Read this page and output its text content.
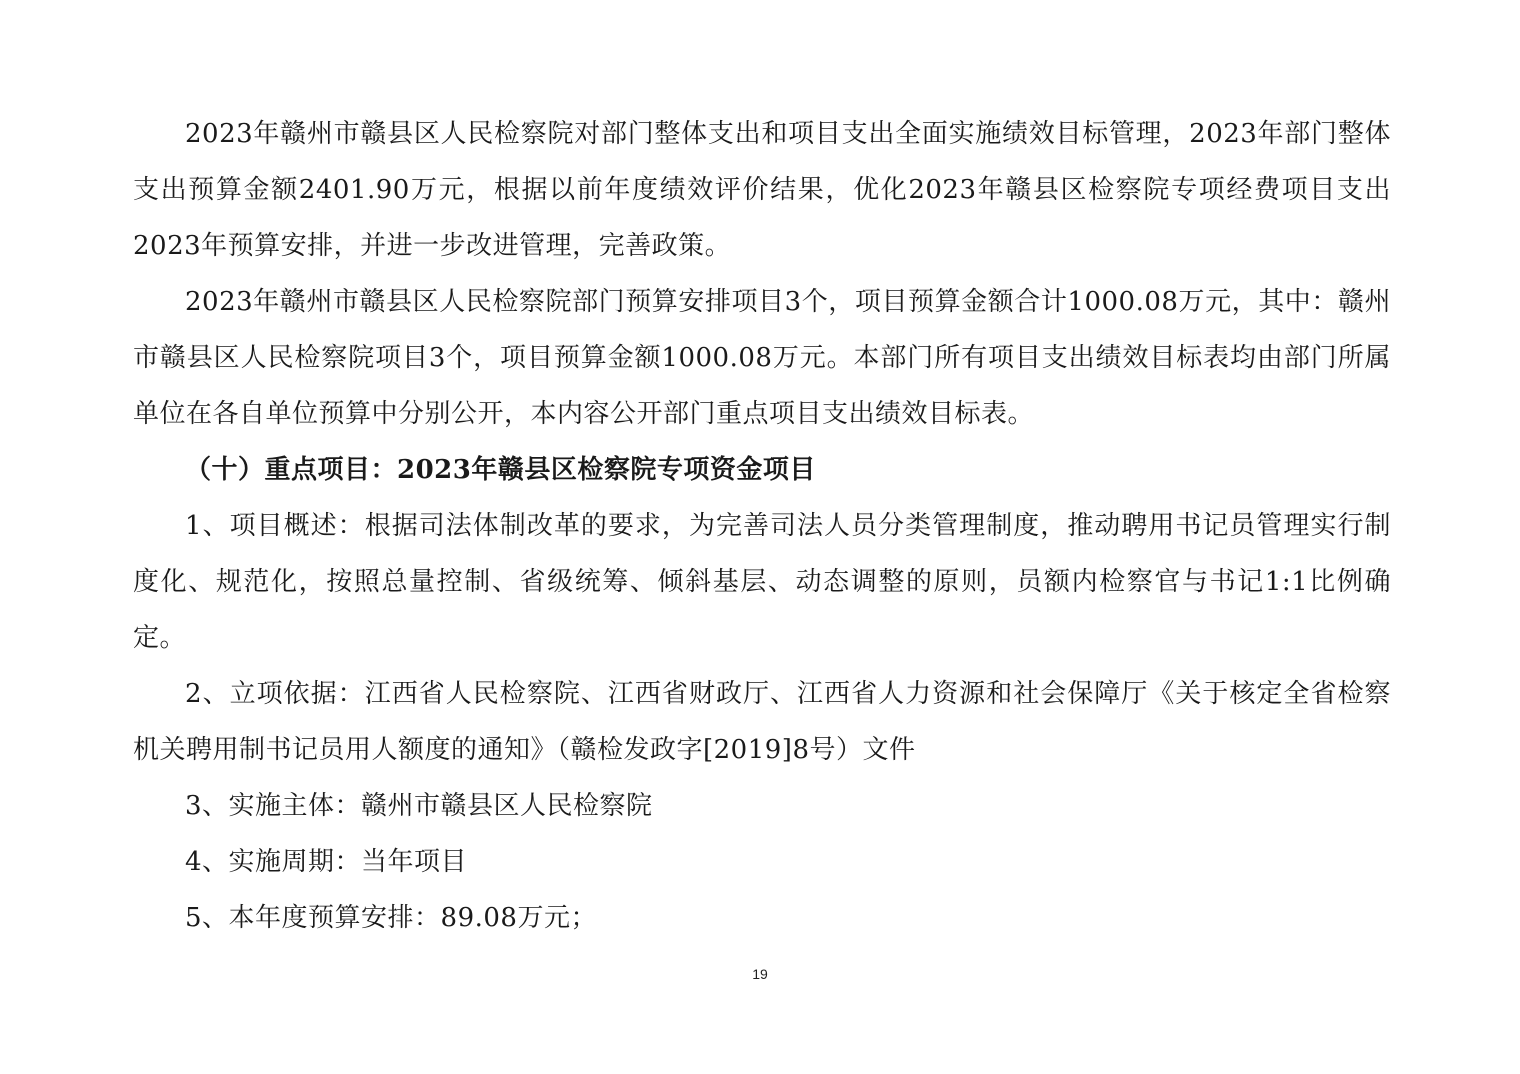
2023年赣州市赣县区人民检察院对部门整体支出和项目支出全面实施绩效目标管理，2023年部门整体支出预算金额2401.90万元，根据以前年度绩效评价结果，优化2023年赣县区检察院专项经费项目支出2023年预算安排，并进一步改进管理，完善政策。

2023年赣州市赣县区人民检察院部门预算安排项目3个，项目预算金额合计1000.08万元，其中：赣州市赣县区人民检察院项目3个，项目预算金额1000.08万元。本部门所有项目支出绩效目标表均由部门所属单位在各自单位预算中分别公开，本内容公开部门重点项目支出绩效目标表。

（十）重点项目：2023年赣县区检察院专项资金项目

1、项目概述：根据司法体制改革的要求，为完善司法人员分类管理制度，推动聘用书记员管理实行制度化、规范化，按照总量控制、省级统筹、倾斜基层、动态调整的原则，员额内检察官与书记1:1比例确定。

2、立项依据：江西省人民检察院、江西省财政厅、江西省人力资源和社会保障厅《关于核定全省检察机关聘用制书记员用人额度的通知》（赣检发政字[2019]8号）文件

3、实施主体：赣州市赣县区人民检察院

4、实施周期：当年项目

5、本年度预算安排：89.08万元；

19
